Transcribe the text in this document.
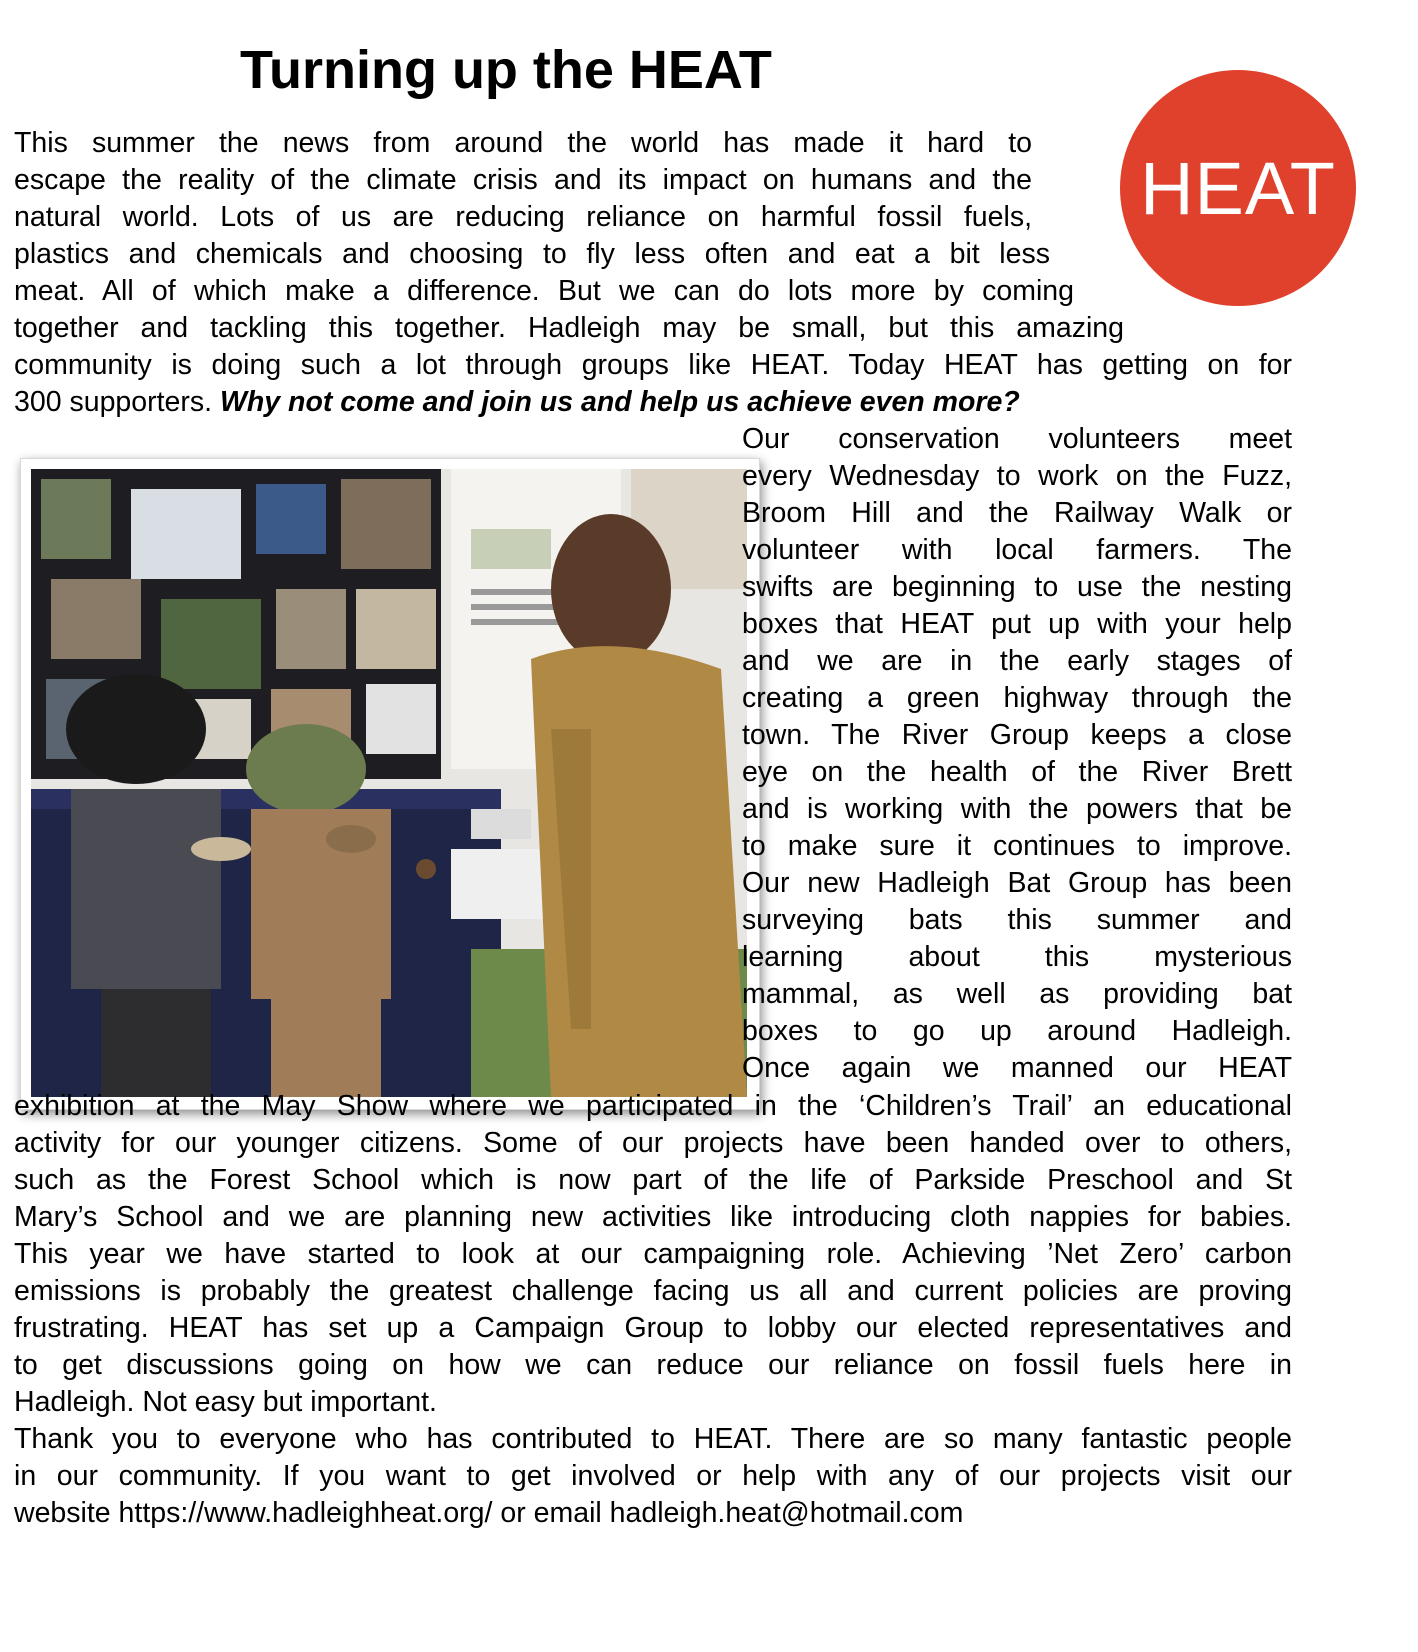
Turning up the HEAT
HEAT

This summer the news from around the world has made it hard to

escape the reality of the climate crisis and its impact on humans and the

natural world. Lots of us are reducing reliance on harmful fossil fuels,

plastics and chemicals and choosing to fly less often and eat a bit less

meat. All of which make a difference. But we can do lots more by coming

together and tackling this together. Hadleigh may be small, but this amazing

community is doing such a lot through groups like HEAT. Today HEAT has getting on for

300 supporters. Why not come and join us and help us achieve even more?

Our conservation volunteers meet

every Wednesday to work on the Fuzz,

Broom Hill and the Railway Walk or

volunteer with local farmers. The

swifts are beginning to use the nesting

boxes that HEAT put up with your help

and we are in the early stages of

creating a green highway through the

town. The River Group keeps a close

eye on the health of the River Brett

and is working with the powers that be

to make sure it continues to improve.

Our new Hadleigh Bat Group has been

surveying bats this summer and

learning about this mysterious

mammal, as well as providing bat

boxes to go up around Hadleigh.

Once again we manned our HEAT

exhibition at the May Show where we participated in the ‘Children’s Trail’ an educational

activity for our younger citizens. Some of our projects have been handed over to others,

such as the Forest School which is now part of the life of Parkside Preschool and St

Mary’s School and we are planning new activities like introducing cloth nappies for babies.

This year we have started to look at our campaigning role. Achieving ’Net Zero’ carbon

emissions is probably the greatest challenge facing us all and current policies are proving

frustrating. HEAT has set up a Campaign Group to lobby our elected representatives and

to get discussions going on how we can reduce our reliance on fossil fuels here in

Hadleigh. Not easy but important.

Thank you to everyone who has contributed to HEAT. There are so many fantastic people

in our community. If you want to get involved or help with any of our projects visit our

website https://www.hadleighheat.org/ or email hadleigh.heat@hotmail.com
